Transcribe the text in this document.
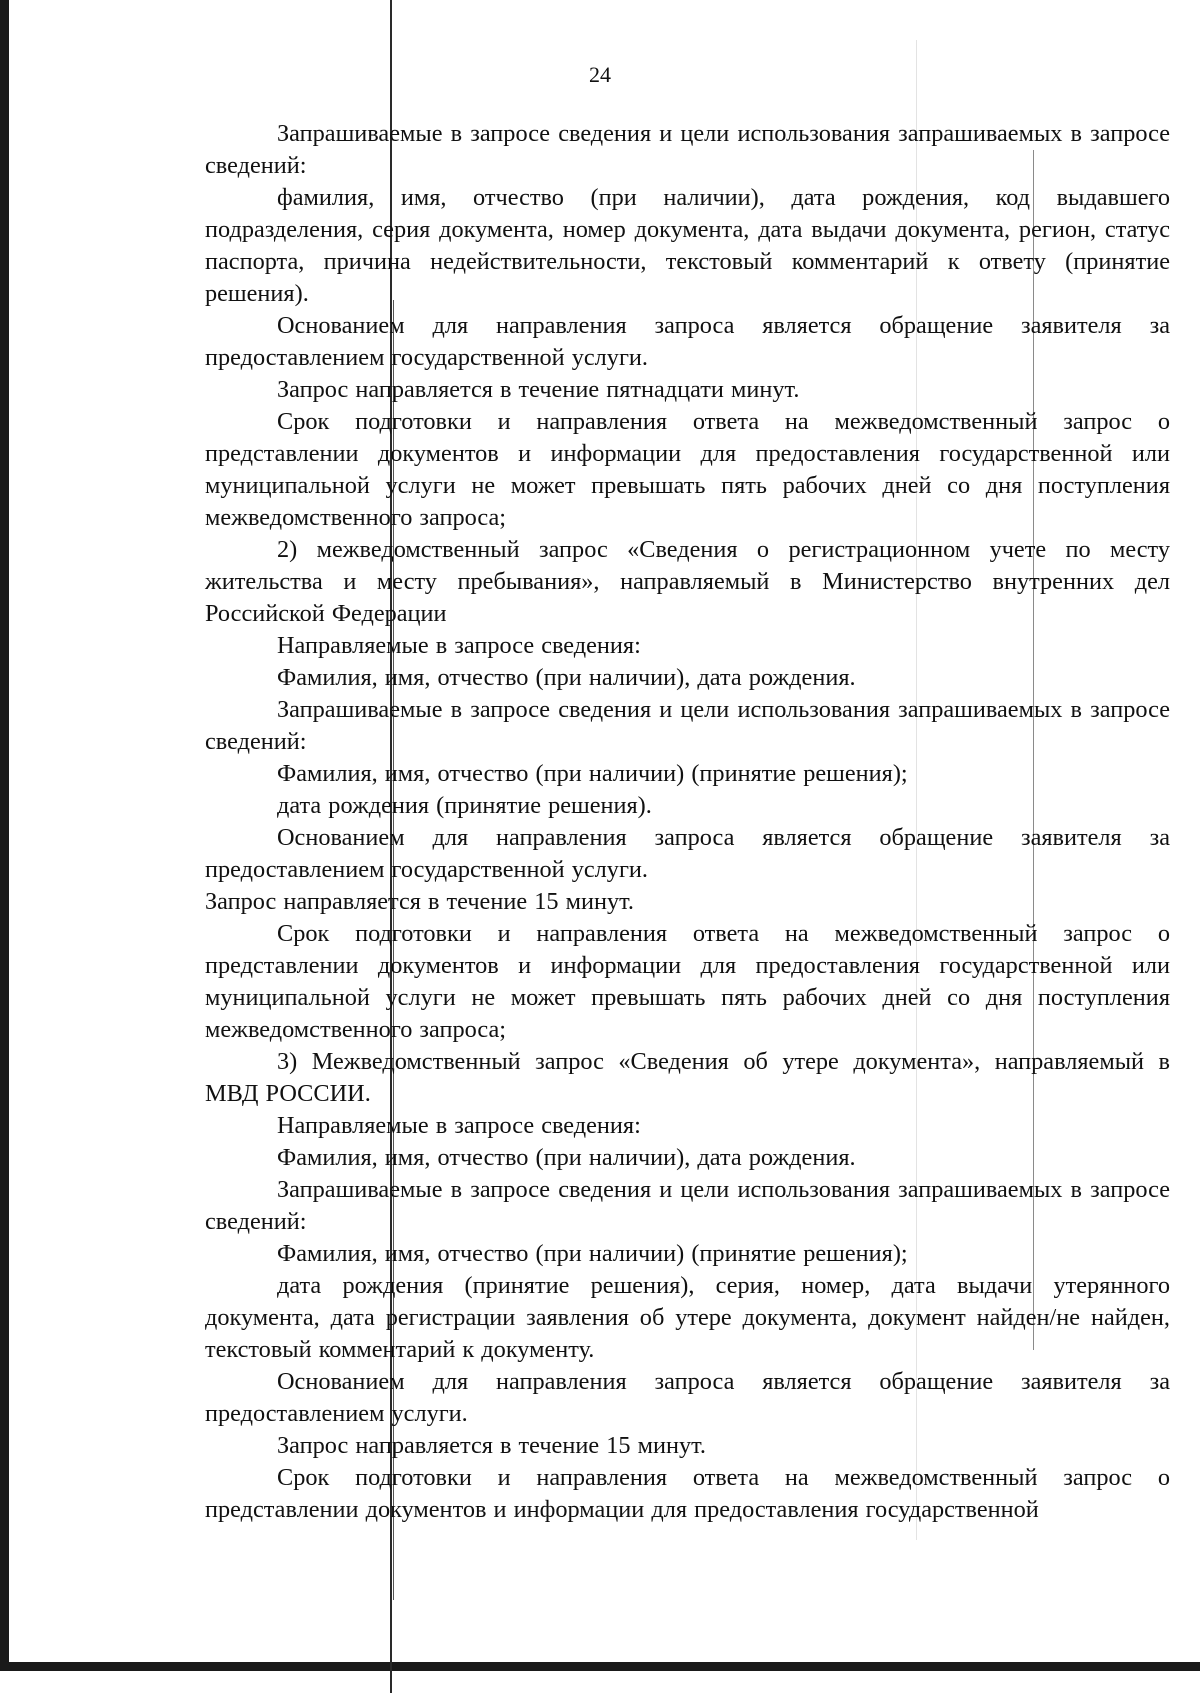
24

Запрашиваемые в запросе сведения и цели использования запрашиваемых в запросе сведений:

фамилия, имя, отчество (при наличии), дата рождения, код выдавшего подразделения, серия документа, номер документа, дата выдачи документа, регион, статус паспорта, причина недействительности, текстовый комментарий к ответу (принятие решения).

Основанием для направления запроса является обращение заявителя за предоставлением государственной услуги.

Запрос направляется в течение пятнадцати минут.

Срок подготовки и направления ответа на межведомственный запрос о представлении документов и информации для предоставления государственной или муниципальной услуги не может превышать пять рабочих дней со дня поступления межведомственного запроса;

2) межведомственный запрос «Сведения о регистрационном учете по месту жительства и месту пребывания», направляемый в Министерство внутренних дел Российской Федерации

Направляемые в запросе сведения:

Фамилия, имя, отчество (при наличии), дата рождения.

Запрашиваемые в запросе сведения и цели использования запрашиваемых в запросе сведений:

Фамилия, имя, отчество (при наличии) (принятие решения);

дата рождения (принятие решения).

Основанием для направления запроса является обращение заявителя за предоставлением государственной услуги.

Запрос направляется в течение 15 минут.

Срок подготовки и направления ответа на межведомственный запрос о представлении документов и информации для предоставления государственной или муниципальной услуги не может превышать пять рабочих дней со дня поступления межведомственного запроса;

3) Межведомственный запрос «Сведения об утере документа», направляемый в МВД РОССИИ.

Направляемые в запросе сведения:

Фамилия, имя, отчество (при наличии), дата рождения.

Запрашиваемые в запросе сведения и цели использования запрашиваемых в запросе сведений:

Фамилия, имя, отчество (при наличии) (принятие решения);

дата рождения (принятие решения), серия, номер, дата выдачи утерянного документа, дата регистрации заявления об утере документа, документ найден/не найден, текстовый комментарий к документу.

Основанием для направления запроса является обращение заявителя за предоставлением услуги.

Запрос направляется в течение 15 минут.

Срок подготовки и направления ответа на межведомственный запрос о представлении документов и информации для предоставления государственной
